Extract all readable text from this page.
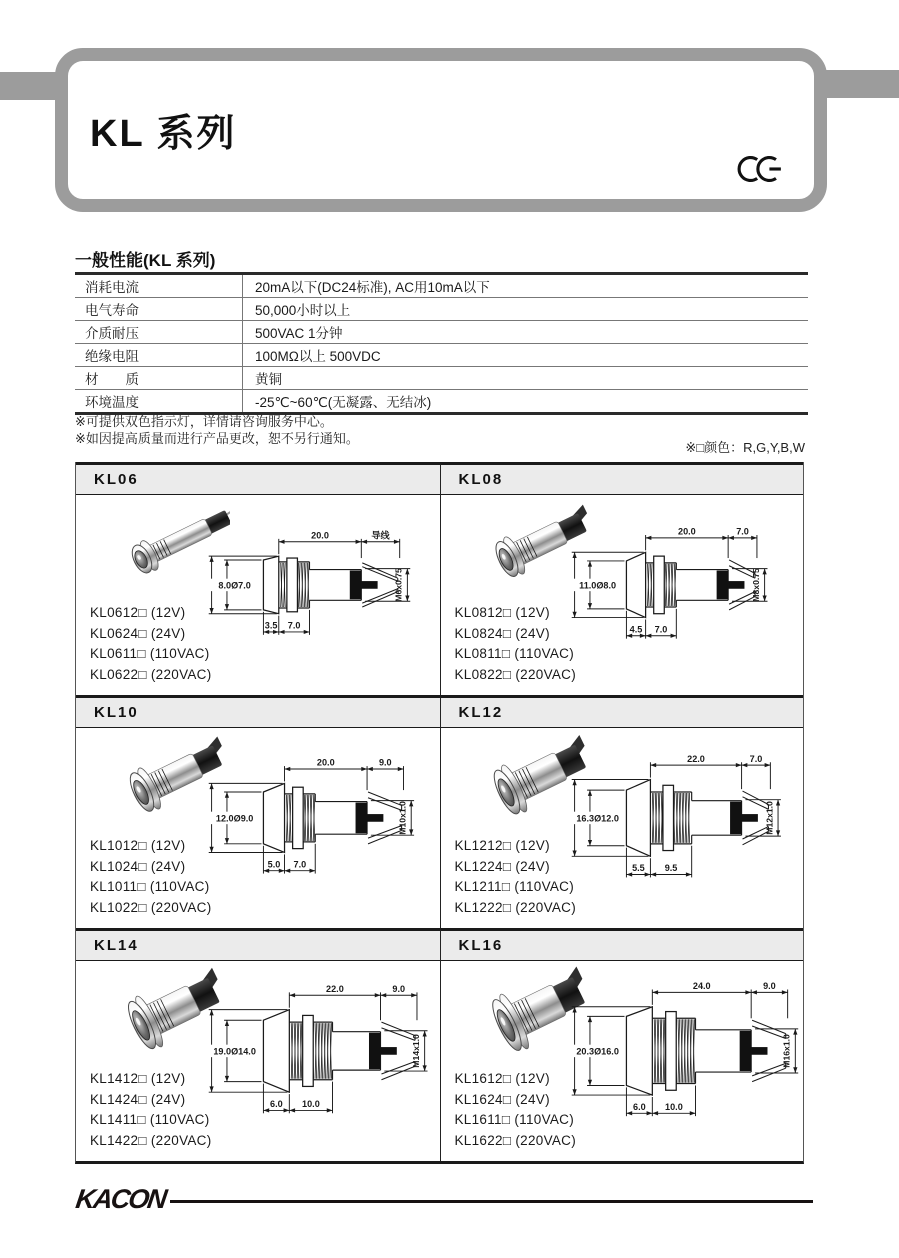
KL 系列
一般性能(KL 系列)
消耗电流	20mA以下(DC24标准), AC用10mA以下
电气寿命	50,000小时以上
介质耐压	500VAC 1分钟
绝缘电阻	100MΩ以上 500VDC
材　　质	黄铜
环境温度	-25℃~60℃(无凝露、无结冰)
※可提供双色指示灯，详情请咨询服务中心。
※如因提高质量而进行产品更改，恕不另行通知。
※□颜色：R,G,Y,B,W
KL06
20.0	导线
3.5 7.0
8.0Ø7.0	M6x0.75
KL0612□ (12V)
KL0624□ (24V)
KL0611□ (110VAC)
KL0622□ (220VAC)
KL08
20.0	7.0
4.5 7.0
11.0Ø8.0	M8x0.75
KL0812□ (12V)
KL0824□ (24V)
KL0811□ (110VAC)
KL0822□ (220VAC)
KL10
20.0	9.0
5.0 7.0
12.0Ø9.0	M10x1.0
KL1012□ (12V)
KL1024□ (24V)
KL1011□ (110VAC)
KL1022□ (220VAC)
KL12
22.0	7.0
5.5 9.5
16.3Ø12.0	M12x1.0
KL1212□ (12V)
KL1224□ (24V)
KL1211□ (110VAC)
KL1222□ (220VAC)
KL14
22.0	9.0
6.0 10.0
19.0Ø14.0	M14x1.0
KL1412□ (12V)
KL1424□ (24V)
KL1411□ (110VAC)
KL1422□ (220VAC)
KL16
24.0	9.0
6.0 10.0
20.3Ø16.0	M16x1.0
KL1612□ (12V)
KL1624□ (24V)
KL1611□ (110VAC)
KL1622□ (220VAC)
KACON
